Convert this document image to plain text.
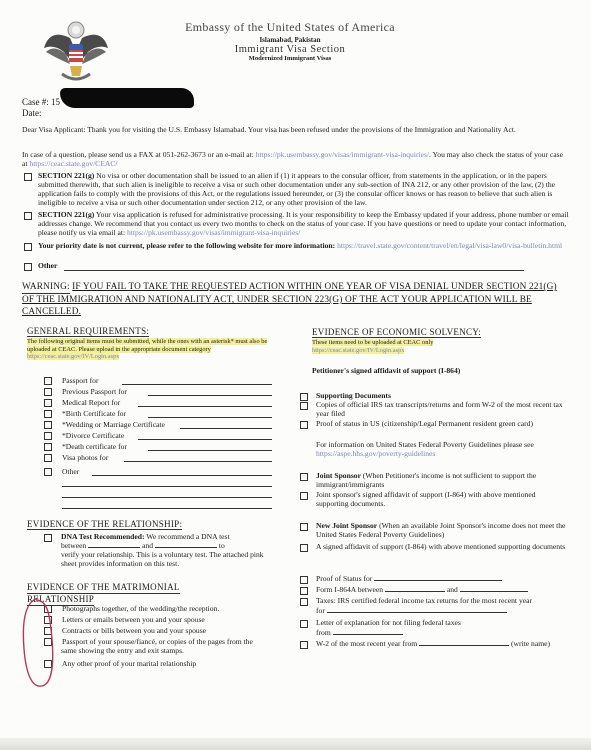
Embassy of the United States of America
Islamabad, Pakistan
Immigrant Visa Section
Modernized Immigrant Visas
Case #: 15
Date:
Dear Visa Applicant: Thank you for visiting the U.S. Embassy Islamabad. Your visa has been refused under the provisions of the Immigration and Nationality Act.
In case of a question, please send us a FAX at 051-262-3673 or an e-mail at: https://pk.usembassy.gov/visas/immigrant-visa-inquiries/. You may also check the status of your case at https://ceac.state.gov/CEAC/
SECTION 221(g) No visa or other documentation shall be issued to an alien if (1) it appears to the consular officer, from statements in the application, or in the papers submitted therewith, that such alien is ineligible to receive a visa or such other documentation under any sub-section of INA 212, or any other provision of the law, (2) the application fails to comply with the provisions of this Act, or the regulations issued hereunder, or (3) the consular officer knows or has reason to believe that such alien is ineligible to receive a visa or such other documentation under section 212, or any other provision of the law.
SECTION 221(g) Your visa application is refused for administrative processing. It is your responsibility to keep the Embassy updated if your address, phone number or email addresses change. We recommend that you contact us every two months to check on the status of your case. If you have questions or need to update your contact information, please notify us via email at: https://pk.usembassy.gov/visas/immigrant-visa-inquiries/
Your priority date is not current, please refer to the following website for more information: https://travel.state.gov/content/travel/en/legal/visa-law0/visa-bulletin.html
Other
WARNING: IF YOU FAIL TO TAKE THE REQUESTED ACTION WITHIN ONE YEAR OF VISA DENIAL UNDER SECTION 221(G) OF THE IMMIGRATION AND NATIONALITY ACT, UNDER SECTION 223(G) OF THE ACT YOUR APPLICATION WILL BE CANCELLED.
GENERAL REQUIREMENTS:
The following original items must be submitted, while the ones with an asterisk* must also be uploaded at CEAC. Please upload in the appropriate document category https://ceac.state.gov/IV/Login.aspx
Passport for
Previous Passport for
Medical Report for
*Birth Certificate for
*Wedding or Marriage Certificate
*Divorce Certificate
*Death certificate for
Visa photos for
Other
EVIDENCE OF THE RELATIONSHIP:
DNA Test Recommended: We recommend a DNA test
between	and	to
verify your relationship. This is a voluntary test. The attached pink sheet provides information on this test.
EVIDENCE OF THE MATRIMONIAL
RELATIONSHIP
Photographs together, of the wedding/the reception.
Letters or emails between you and your spouse
Contracts or bills between you and your spouse
Passport of your spouse/fiancé, or copies of the pages from the
same showing the entry and exit stamps.
Any other proof of your marital relationship
EVIDENCE OF ECONOMIC SOLVENCY:
These items need to be uploaded at CEAC only
https://ceac.state.gov/IV/Login.aspx
Petitioner's signed affidavit of support (I-864)
Supporting Documents
Copies of official IRS tax transcripts/returns and form W-2 of the most recent tax year filed
Proof of status in US (citizenship/Legal Permanent resident green card)
For information on United States Federal Poverty Guidelines please see https://aspe.hhs.gov/poverty-guidelines
Joint Sponsor (When Petitioner's income is not sufficient to support the immigrant/immigrants
Joint sponsor's signed affidavit of support (I-864) with above mentioned supporting documents.
New Joint Sponsor (When an available Joint Sponsor's income does not meet the United States Federal Poverty Guidelines)
A signed affidavit of support (I-864) with above mentioned supporting documents
Proof of Status for
Form I-864A between	and
Taxes: IRS certified federal income tax returns for the most recent year
for
Letter of explanation for not filing federal taxes
from
W-2 of the most recent year from	(write name)
